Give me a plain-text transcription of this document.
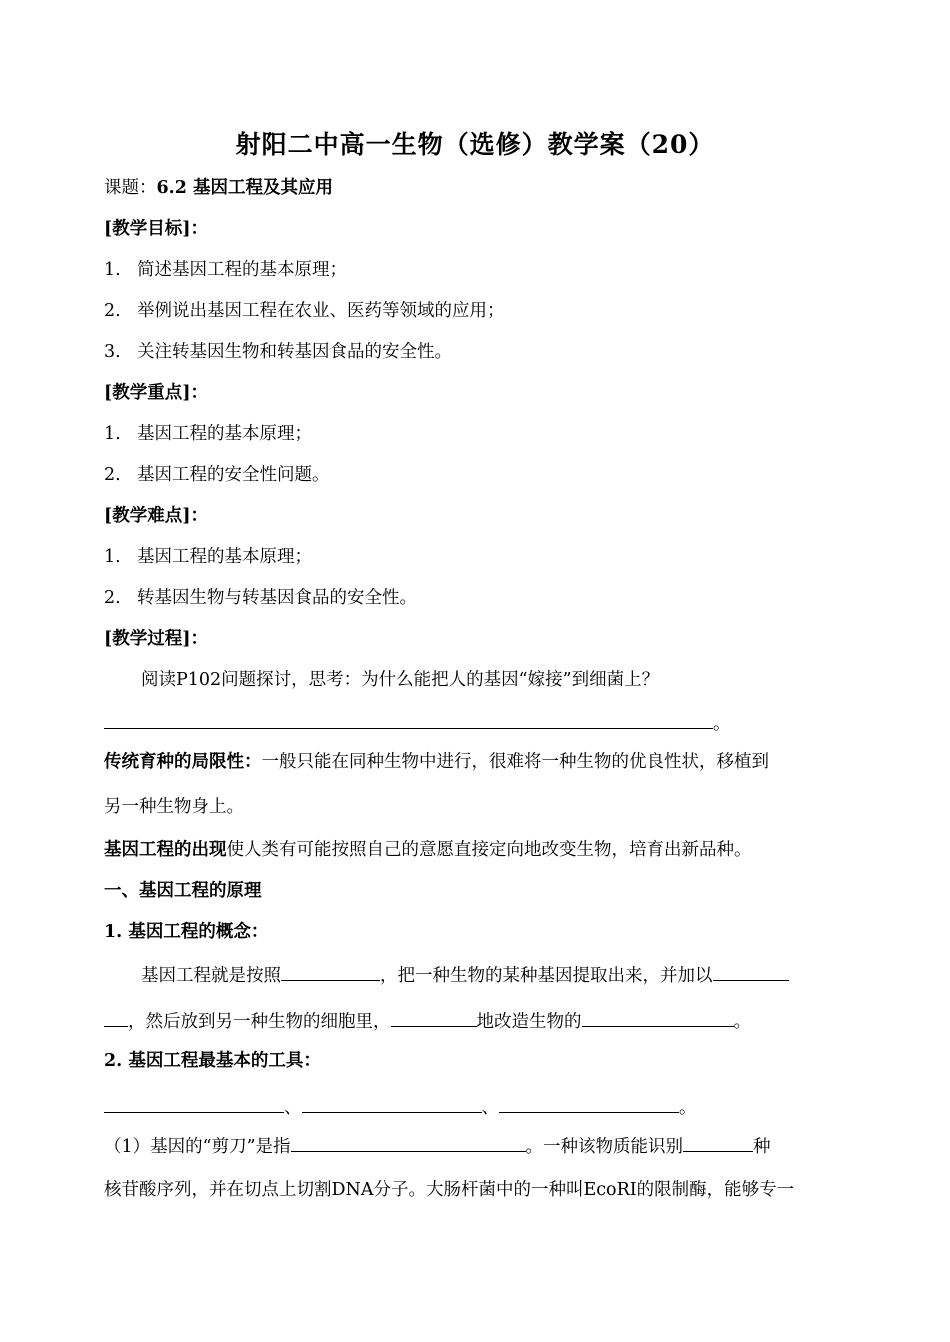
射阳二中高一生物（选修）教学案（20）
课题：6.2 基因工程及其应用
[教学目标]：
1. 简述基因工程的基本原理；
2. 举例说出基因工程在农业、医药等领域的应用；
3. 关注转基因生物和转基因食品的安全性。
[教学重点]：
1. 基因工程的基本原理；
2. 基因工程的安全性问题。
[教学难点]：
1. 基因工程的基本原理；
2. 转基因生物与转基因食品的安全性。
[教学过程]：
阅读P102问题探讨，思考：为什么能把人的基因“嫁接”到细菌上？
。
传统育种的局限性：一般只能在同种生物中进行，很难将一种生物的优良性状，移植到
另一种生物身上。
基因工程的出现使人类有可能按照自己的意愿直接定向地改变生物，培育出新品种。
一、基因工程的原理
1. 基因工程的概念：
基因工程就是按照	，把一种生物的某种基因提取出来，并加以
，然后放到另一种生物的细胞里，	地改造生物的	。
2. 基因工程最基本的工具：
、	、	。
（1）基因的“剪刀”是指	。一种该物质能识别	种
核苷酸序列，并在切点上切割DNA分子。大肠杆菌中的一种叫EcoRI的限制酶，能够专一
